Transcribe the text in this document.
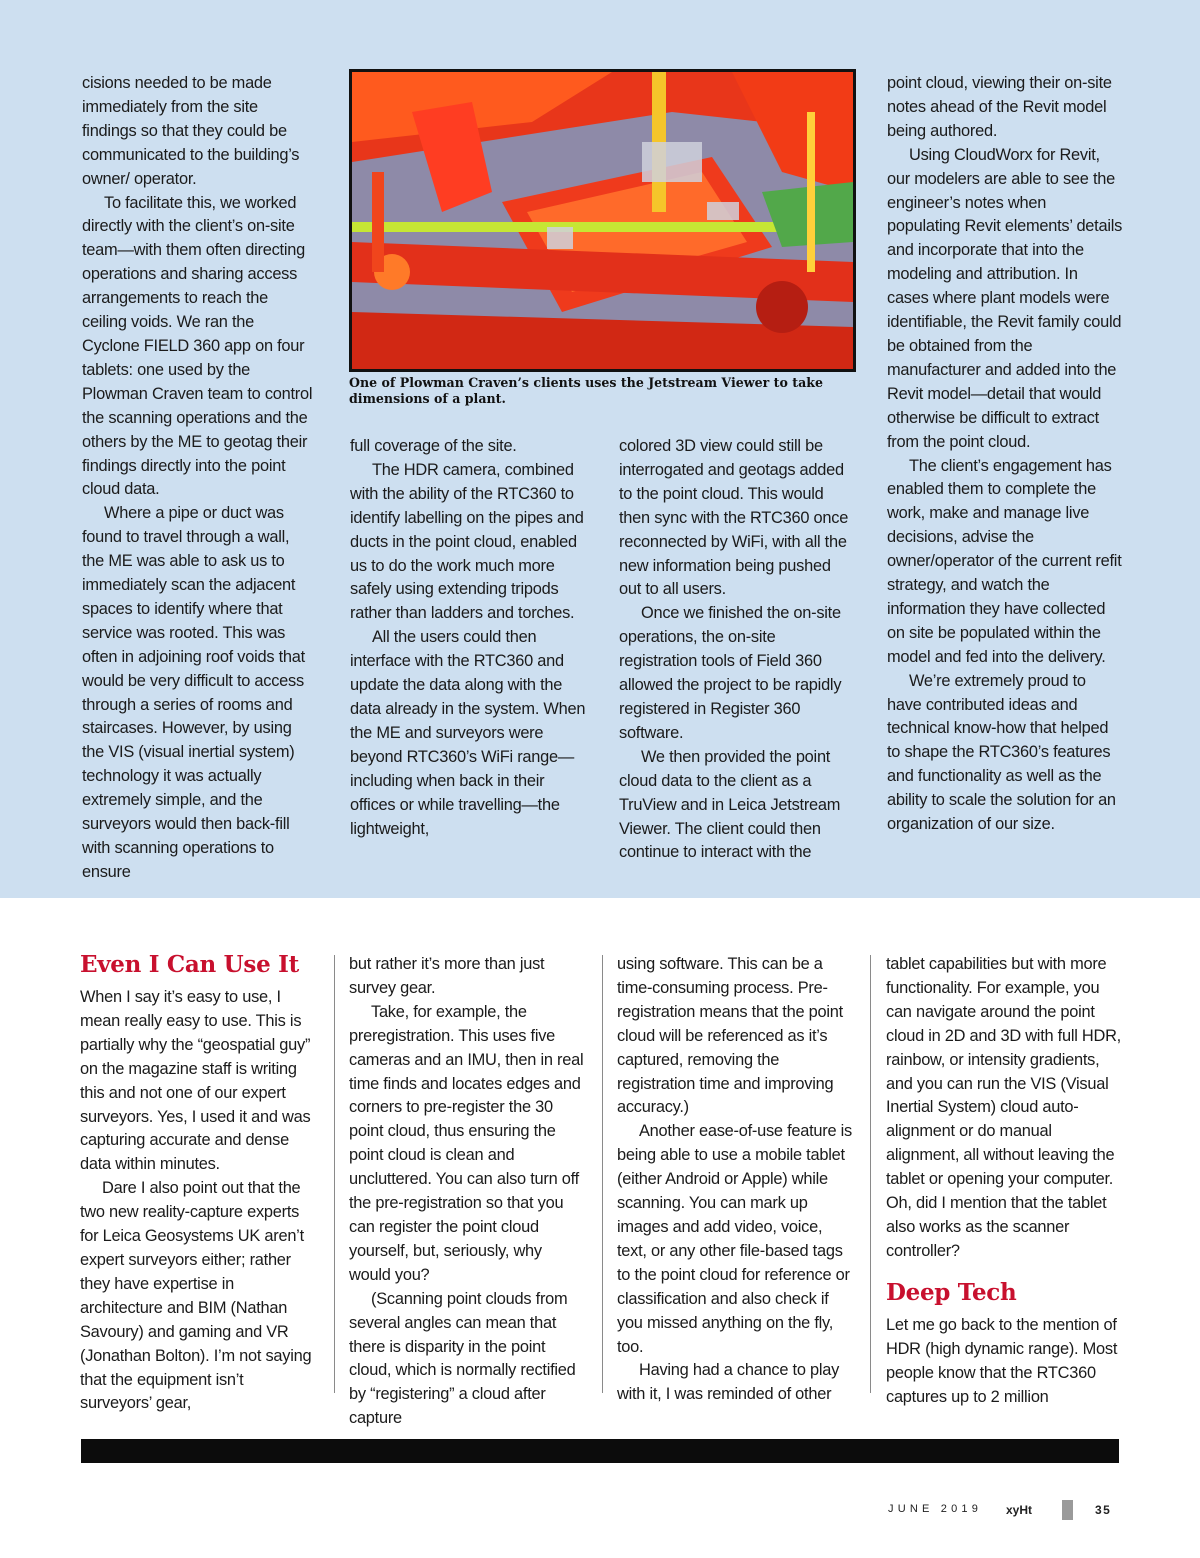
cisions needed to be made immediately from the site findings so that they could be communicated to the building’s owner/ operator.

To facilitate this, we worked directly with the client’s on-site team—with them often directing operations and sharing access arrangements to reach the ceiling voids. We ran the Cyclone FIELD 360 app on four tablets: one used by the Plowman Craven team to control the scanning operations and the others by the ME to geotag their findings directly into the point cloud data.

Where a pipe or duct was found to travel through a wall, the ME was able to ask us to immediately scan the adjacent spaces to identify where that service was rooted. This was often in adjoining roof voids that would be very difficult to access through a series of rooms and staircases. However, by using the VIS (visual inertial system) technology it was actually extremely simple, and the surveyors would then back-fill with scanning operations to ensure

One of Plowman Craven’s clients uses the Jetstream Viewer to take dimensions of a plant.

full coverage of the site.

The HDR camera, combined with the ability of the RTC360 to identify labelling on the pipes and ducts in the point cloud, enabled us to do the work much more safely using extending tripods rather than ladders and torches.

All the users could then interface with the RTC360 and update the data along with the data already in the system. When the ME and surveyors were beyond RTC360’s WiFi range—including when back in their offices or while travelling—the lightweight,

colored 3D view could still be interrogated and geotags added to the point cloud. This would then sync with the RTC360 once reconnected by WiFi, with all the new information being pushed out to all users.

Once we finished the on-site operations, the on-site registration tools of Field 360 allowed the project to be rapidly registered in Register 360 software.

We then provided the point cloud data to the client as a TruView and in Leica Jetstream Viewer. The client could then continue to interact with the

point cloud, viewing their on-site notes ahead of the Revit model being authored.

Using CloudWorx for Revit, our modelers are able to see the engineer’s notes when populating Revit elements’ details and incorporate that into the modeling and attribution. In cases where plant models were identifiable, the Revit family could be obtained from the manufacturer and added into the Revit model—detail that would otherwise be difficult to extract from the point cloud.

The client’s engagement has enabled them to complete the work, make and manage live decisions, advise the owner/operator of the current refit strategy, and watch the information they have collected on site be populated within the model and fed into the delivery.

We’re extremely proud to have contributed ideas and technical know-how that helped to shape the RTC360’s features and functionality as well as the ability to scale the solution for an organization of our size.

Even I Can Use It

When I say it’s easy to use, I mean really easy to use. This is partially why the “geospatial guy” on the magazine staff is writing this and not one of our expert surveyors. Yes, I used it and was capturing accurate and dense data within minutes.

Dare I also point out that the two new reality-capture experts for Leica Geosystems UK aren’t expert surveyors either; rather they have expertise in architecture and BIM (Nathan Savoury) and gaming and VR (Jonathan Bolton). I’m not saying that the equipment isn’t surveyors’ gear,

but rather it’s more than just survey gear.

Take, for example, the preregistration. This uses five cameras and an IMU, then in real time finds and locates edges and corners to pre-register the 30 point cloud, thus ensuring the point cloud is clean and uncluttered. You can also turn off the pre-registration so that you can register the point cloud yourself, but, seriously, why would you?

(Scanning point clouds from several angles can mean that there is disparity in the point cloud, which is normally rectified by “registering” a cloud after capture

using software. This can be a time-consuming process. Pre-registration means that the point cloud will be referenced as it’s captured, removing the registration time and improving accuracy.)

Another ease-of-use feature is being able to use a mobile tablet (either Android or Apple) while scanning. You can mark up images and add video, voice, text, or any other file-based tags to the point cloud for reference or classification and also check if you missed anything on the fly, too.

Having had a chance to play with it, I was reminded of other

tablet capabilities but with more functionality. For example, you can navigate around the point cloud in 2D and 3D with full HDR, rainbow, or intensity gradients, and you can run the VIS (Visual Inertial System) cloud auto-alignment or do manual alignment, all without leaving the tablet or opening your computer. Oh, did I mention that the tablet also works as the scanner controller?

Deep Tech

Let me go back to the mention of HDR (high dynamic range). Most people know that the RTC360 captures up to 2 million

JUNE 2019 xyHt	35
